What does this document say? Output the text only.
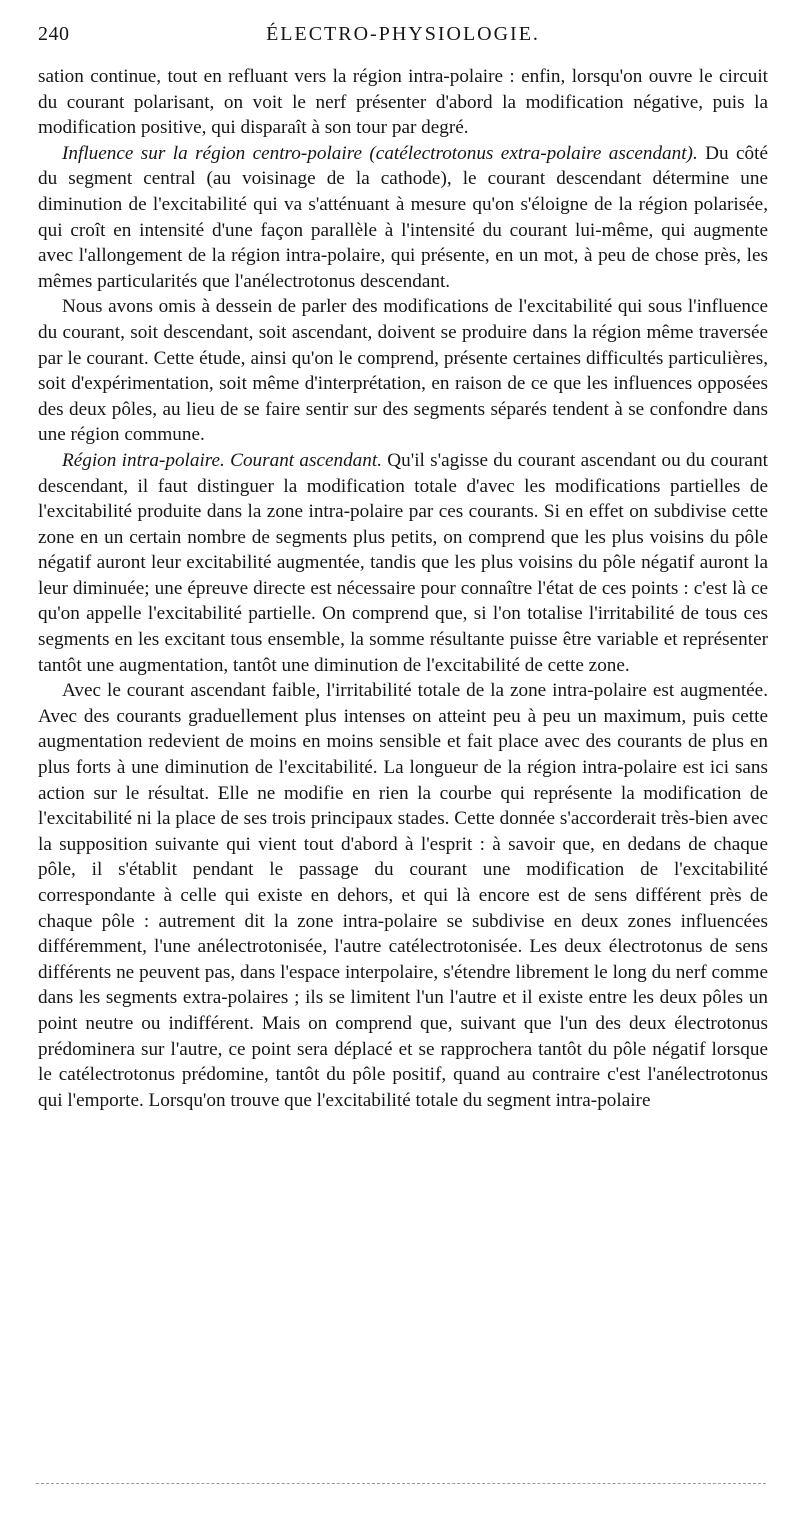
240	ÉLECTRO-PHYSIOLOGIE.

sation continue, tout en refluant vers la région intra-polaire : enfin, lorsqu'on ouvre le circuit du courant polarisant, on voit le nerf présenter d'abord la modification négative, puis la modification positive, qui disparaît à son tour par degré.

Influence sur la région centro-polaire (catélectrotonus extra-polaire ascendant). Du côté du segment central (au voisinage de la cathode), le courant descendant détermine une diminution de l'excitabilité qui va s'atténuant à mesure qu'on s'éloigne de la région polarisée, qui croît en intensité d'une façon parallèle à l'intensité du courant lui-même, qui augmente avec l'allongement de la région intra-polaire, qui présente, en un mot, à peu de chose près, les mêmes particularités que l'anélectrotonus descendant.

Nous avons omis à dessein de parler des modifications de l'excitabilité qui sous l'influence du courant, soit descendant, soit ascendant, doivent se produire dans la région même traversée par le courant. Cette étude, ainsi qu'on le comprend, présente certaines difficultés particulières, soit d'expérimentation, soit même d'interprétation, en raison de ce que les influences opposées des deux pôles, au lieu de se faire sentir sur des segments séparés tendent à se confondre dans une région commune.

Région intra-polaire. Courant ascendant. Qu'il s'agisse du courant ascendant ou du courant descendant, il faut distinguer la modification totale d'avec les modifications partielles de l'excitabilité produite dans la zone intra-polaire par ces courants. Si en effet on subdivise cette zone en un certain nombre de segments plus petits, on comprend que les plus voisins du pôle négatif auront leur excitabilité augmentée, tandis que les plus voisins du pôle négatif auront la leur diminuée; une épreuve directe est nécessaire pour connaître l'état de ces points : c'est là ce qu'on appelle l'excitabilité partielle. On comprend que, si l'on totalise l'irritabilité de tous ces segments en les excitant tous ensemble, la somme résultante puisse être variable et représenter tantôt une augmentation, tantôt une diminution de l'excitabilité de cette zone.

Avec le courant ascendant faible, l'irritabilité totale de la zone intra-polaire est augmentée. Avec des courants graduellement plus intenses on atteint peu à peu un maximum, puis cette augmentation redevient de moins en moins sensible et fait place avec des courants de plus en plus forts à une diminution de l'excitabilité. La longueur de la région intra-polaire est ici sans action sur le résultat. Elle ne modifie en rien la courbe qui représente la modification de l'excitabilité ni la place de ses trois principaux stades. Cette donnée s'accorderait très-bien avec la supposition suivante qui vient tout d'abord à l'esprit : à savoir que, en dedans de chaque pôle, il s'établit pendant le passage du courant une modification de l'excitabilité correspondante à celle qui existe en dehors, et qui là encore est de sens différent près de chaque pôle : autrement dit la zone intra-polaire se subdivise en deux zones influencées différemment, l'une anélectrotonisée, l'autre catélectrotonisée. Les deux électrotonus de sens différents ne peuvent pas, dans l'espace interpolaire, s'étendre librement le long du nerf comme dans les segments extra-polaires ; ils se limitent l'un l'autre et il existe entre les deux pôles un point neutre ou indifférent. Mais on comprend que, suivant que l'un des deux électrotonus prédominera sur l'autre, ce point sera déplacé et se rapprochera tantôt du pôle négatif lorsque le catélectrotonus prédomine, tantôt du pôle positif, quand au contraire c'est l'anélectrotonus qui l'emporte. Lorsqu'on trouve que l'excitabilité totale du segment intra-polaire
